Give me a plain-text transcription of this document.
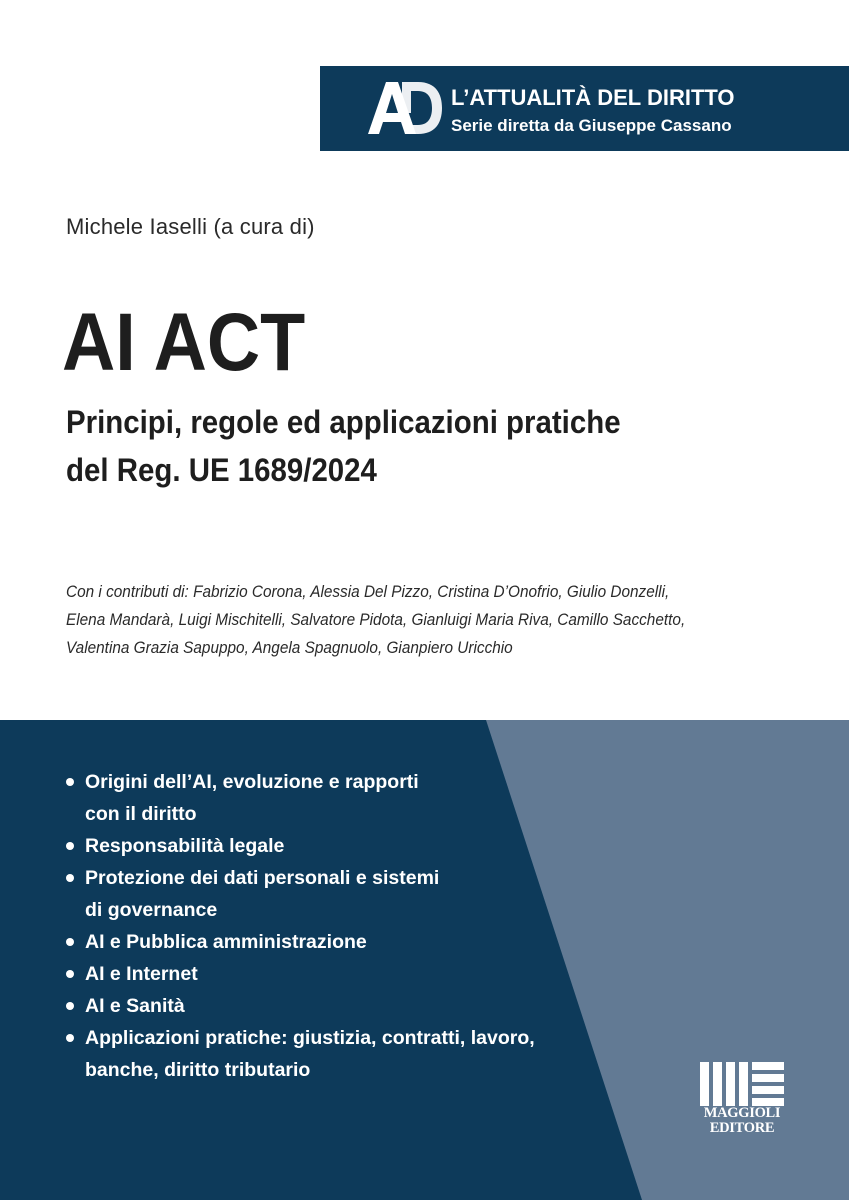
L’ATTUALITÀ DEL DIRITTO
Serie diretta da Giuseppe Cassano
Michele Iaselli (a cura di)
AI ACT
Principi, regole ed applicazioni pratiche
del Reg. UE 1689/2024
Con i contributi di: Fabrizio Corona, Alessia Del Pizzo, Cristina D’Onofrio, Giulio Donzelli,
Elena Mandarà, Luigi Mischitelli, Salvatore Pidota, Gianluigi Maria Riva, Camillo Sacchetto,
Valentina Grazia Sapuppo, Angela Spagnuolo, Gianpiero Uricchio
Origini dell’AI, evoluzione e rapporti
con il diritto
Responsabilità legale
Protezione dei dati personali e sistemi
di governance
AI e Pubblica amministrazione
AI e Internet
AI e Sanità
Applicazioni pratiche: giustizia, contratti, lavoro,
banche, diritto tributario
MAGGIOLI
EDITORE
